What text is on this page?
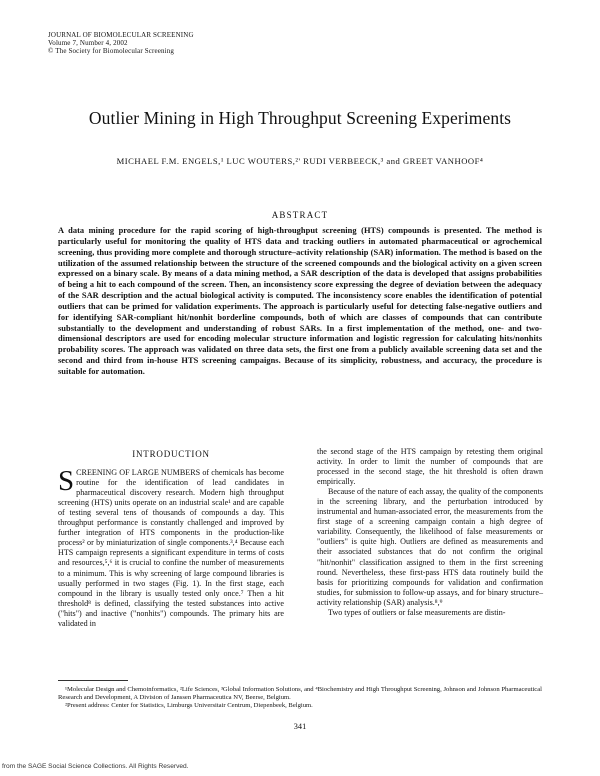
JOURNAL OF BIOMOLECULAR SCREENING
Volume 7, Number 4, 2002
© The Society for Biomolecular Screening
Outlier Mining in High Throughput Screening Experiments
MICHAEL F.M. ENGELS,¹ LUC WOUTERS,²' RUDI VERBEECK,³ and GREET VANHOOF⁴
ABSTRACT
A data mining procedure for the rapid scoring of high-throughput screening (HTS) compounds is presented. The method is particularly useful for monitoring the quality of HTS data and tracking outliers in automated pharmaceutical or agrochemical screening, thus providing more complete and thorough structure–activity relationship (SAR) information. The method is based on the utilization of the assumed relationship between the structure of the screened compounds and the biological activity on a given screen expressed on a binary scale. By means of a data mining method, a SAR description of the data is developed that assigns probabilities of being a hit to each compound of the screen. Then, an inconsistency score expressing the degree of deviation between the adequacy of the SAR description and the actual biological activity is computed. The inconsistency score enables the identification of potential outliers that can be primed for validation experiments. The approach is particularly useful for detecting false-negative outliers and for identifying SAR-compliant hit/nonhit borderline compounds, both of which are classes of compounds that can contribute substantially to the development and understanding of robust SARs. In a first implementation of the method, one- and two-dimensional descriptors are used for encoding molecular structure information and logistic regression for calculating hits/nonhits probability scores. The approach was validated on three data sets, the first one from a publicly available screening data set and the second and third from in-house HTS screening campaigns. Because of its simplicity, robustness, and accuracy, the procedure is suitable for automation.
INTRODUCTION

SCREENING OF LARGE NUMBERS of chemicals has become routine for the identification of lead candidates in pharmaceutical discovery research. Modern high throughput screening (HTS) units operate on an industrial scale¹ and are capable of testing several tens of thousands of compounds a day. This throughput performance is constantly challenged and improved by further integration of HTS components in the production-like process² or by miniaturization of single components.³,⁴ Because each HTS campaign represents a significant expenditure in terms of costs and resources,⁵,⁶ it is crucial to confine the number of measurements to a minimum. This is why screening of large compound libraries is usually performed in two stages (Fig. 1). In the first stage, each compound in the library is usually tested only once.⁷ Then a hit threshold⁸ is defined, classifying the tested substances into active ("hits") and inactive ("nonhits") compounds. The primary hits are validated in

the second stage of the HTS campaign by retesting them original activity. In order to limit the number of compounds that are processed in the second stage, the hit threshold is often drawn empirically.

Because of the nature of each assay, the quality of the components in the screening library, and the perturbation introduced by instrumental and human-associated error, the measurements from the first stage of a screening campaign contain a high degree of variability. Consequently, the likelihood of false measurements or "outliers" is quite high. Outliers are defined as measurements and their associated substances that do not confirm the original "hit/nonhit" classification assigned to them in the first screening round. Nevertheless, these first-pass HTS data routinely build the basis for prioritizing compounds for validation and confirmation studies, for submission to follow-up assays, and for binary structure–activity relationship (SAR) analysis.⁸,⁹

Two types of outliers or false measurements are distin-

¹Molecular Design and Chemoinformatics, ²Life Sciences, ³Global Information Solutions, and ⁴Biochemistry and High Throughput Screening, Johnson and Johnson Pharmaceutical Research and Development, A Division of Janssen Pharmaceutica NV, Beerse, Belgium.

²Present address: Center for Statistics, Limburgs Universitair Centrum, Diepenbeek, Belgium.

341
from the SAGE Social Science Collections. All Rights Reserved.
